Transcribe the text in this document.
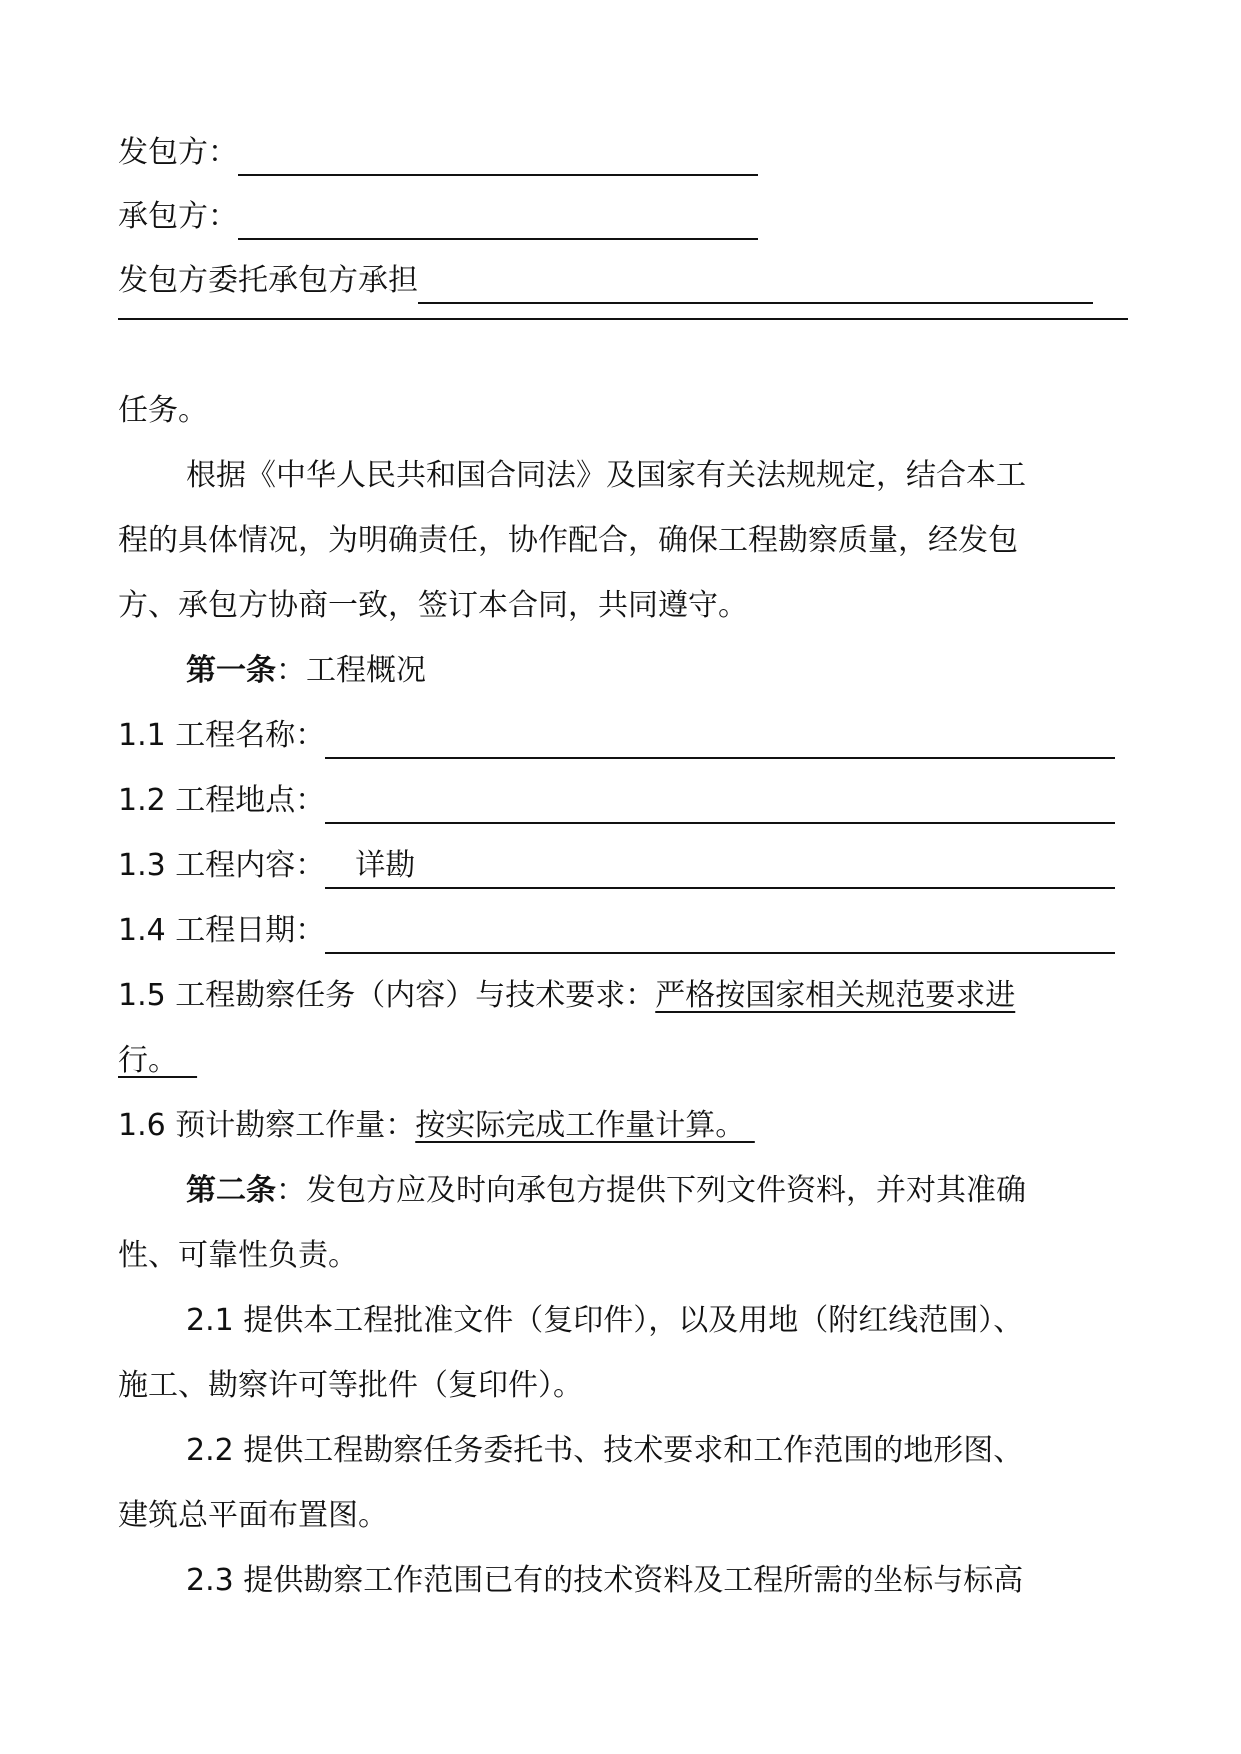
发包方：
承包方：
发包方委托承包方承担
任务。
根据《中华人民共和国合同法》及国家有关法规规定，结合本工
程的具体情况，为明确责任，协作配合，确保工程勘察质量，经发包
方、承包方协商一致，签订本合同，共同遵守。
第一条：工程概况
1.1 工程名称：
1.2 工程地点：
1.3 工程内容： 详勘
1.4 工程日期：
1.5 工程勘察任务（内容）与技术要求：严格按国家相关规范要求进
行。
1.6 预计勘察工作量：按实际完成工作量计算。
第二条：发包方应及时向承包方提供下列文件资料，并对其准确
性、可靠性负责。
2.1 提供本工程批准文件（复印件），以及用地（附红线范围）、
施工、勘察许可等批件（复印件）。
2.2 提供工程勘察任务委托书、技术要求和工作范围的地形图、
建筑总平面布置图。
2.3 提供勘察工作范围已有的技术资料及工程所需的坐标与标高
